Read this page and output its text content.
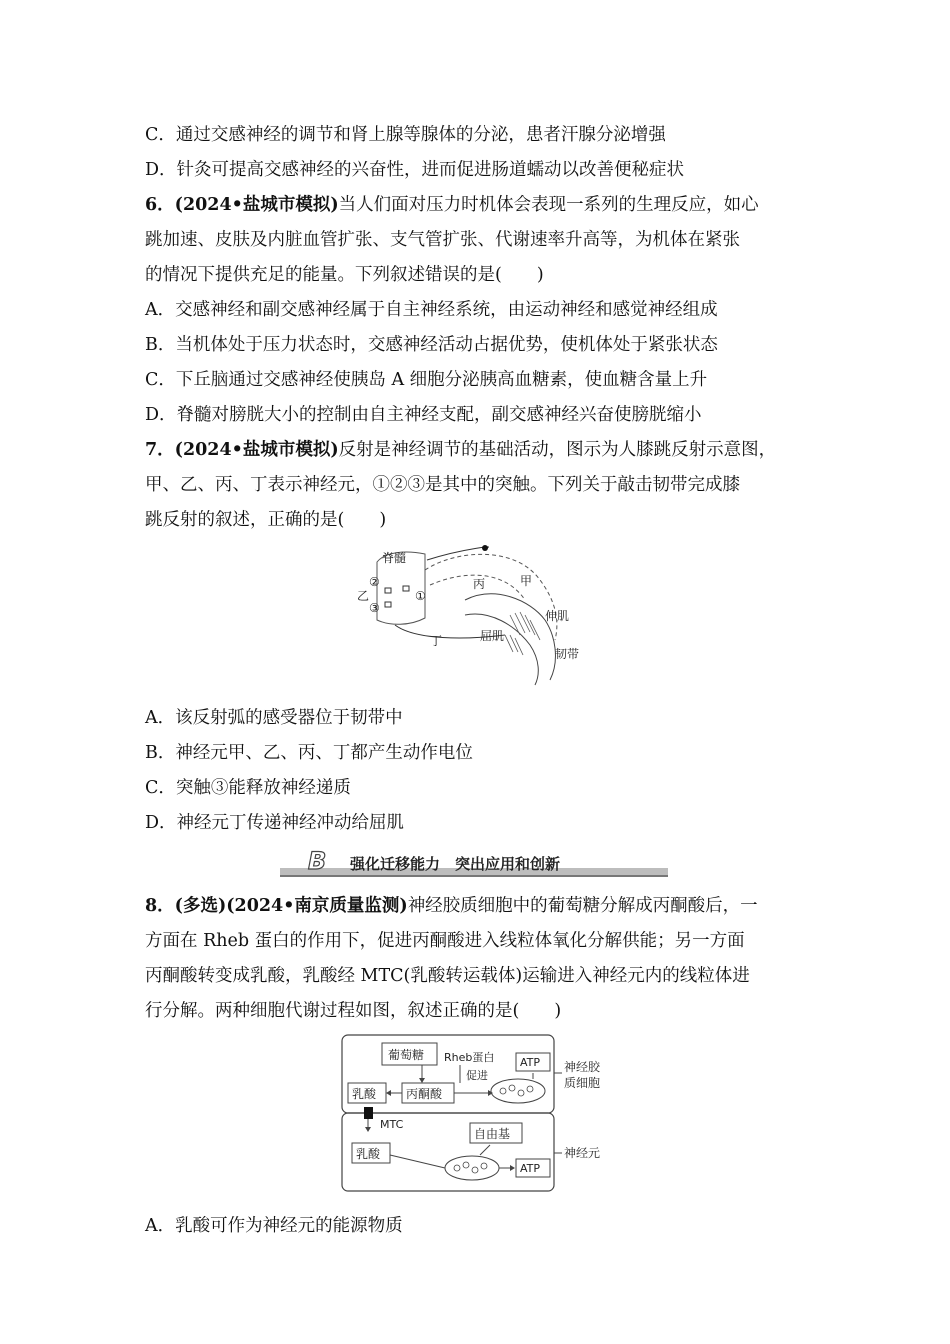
C．通过交感神经的调节和肾上腺等腺体的分泌，患者汗腺分泌增强
D．针灸可提高交感神经的兴奋性，进而促进肠道蠕动以改善便秘症状
6．(2024•盐城市模拟)当人们面对压力时机体会表现一系列的生理反应，如心
跳加速、皮肤及内脏血管扩张、支气管扩张、代谢速率升高等，为机体在紧张
的情况下提供充足的能量。下列叙述错误的是(　　)
A．交感神经和副交感神经属于自主神经系统，由运动神经和感觉神经组成
B．当机体处于压力状态时，交感神经活动占据优势，使机体处于紧张状态
C．下丘脑通过交感神经使胰岛 A 细胞分泌胰高血糖素，使血糖含量上升
D．脊髓对膀胱大小的控制由自主神经支配，副交感神经兴奋使膀胱缩小
7．(2024•盐城市模拟)反射是神经调节的基础活动，图示为人膝跳反射示意图，
甲、乙、丙、丁表示神经元，①②③是其中的突触。下列关于敲击韧带完成膝
跳反射的叙述，正确的是(　　)
脊髓
乙
②
③
①
丙	甲
丁
伸肌
屈肌
韧带
A．该反射弧的感受器位于韧带中
B．神经元甲、乙、丙、丁都产生动作电位
C．突触③能释放神经递质
D．神经元丁传递神经冲动给屈肌
B 强化迁移能力　突出应用和创新
8．(多选)(2024•南京质量监测)神经胶质细胞中的葡萄糖分解成丙酮酸后，一
方面在 Rheb 蛋白的作用下，促进丙酮酸进入线粒体氧化分解供能；另一方面
丙酮酸转变成乳酸，乳酸经 MTC(乳酸转运载体)运输进入神经元内的线粒体进
行分解。两种细胞代谢过程如图，叙述正确的是(　　)
葡萄糖
丙酮酸
乳酸
Rheb蛋白
促进
ATP 神经胶
质细胞
MTC
乳酸
自由基
ATP
神经元
A．乳酸可作为神经元的能源物质
